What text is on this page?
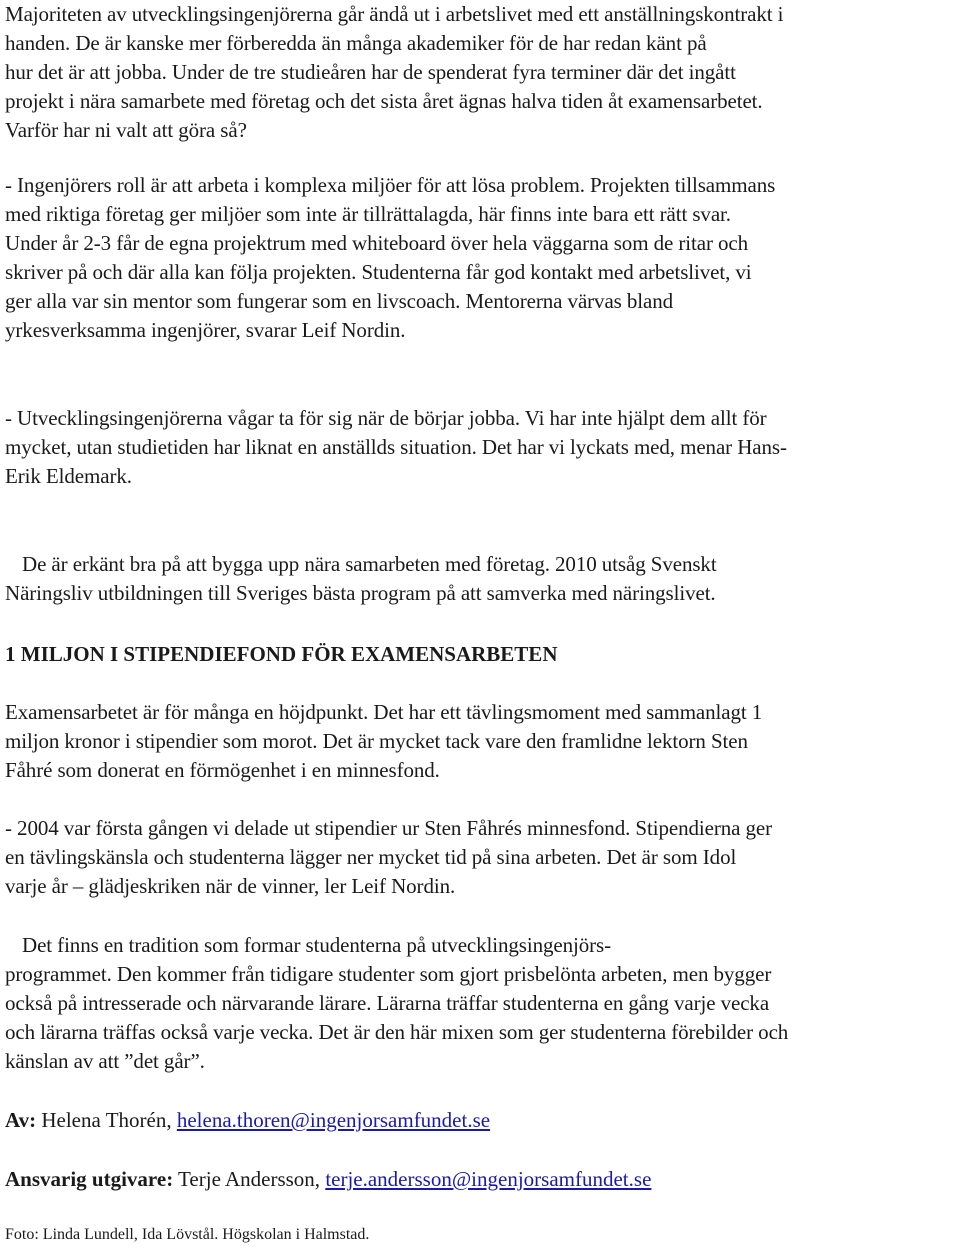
Majoriteten av utvecklingsingenjörerna går ändå ut i arbetslivet med ett anställningskontrakt i
handen. De är kanske mer förberedda än många akademiker för de har redan känt på
hur det är att jobba. Under de tre studieåren har de spenderat fyra terminer där det ingått
projekt i nära samarbete med företag och det sista året ägnas halva tiden åt examensarbetet.
Varför har ni valt att göra så?
- Ingenjörers roll är att arbeta i komplexa miljöer för att lösa problem. Projekten tillsammans
med riktiga företag ger miljöer som inte är tillrättalagda, här finns inte bara ett rätt svar.
Under år 2-3 får de egna projektrum med whiteboard över hela väggarna som de ritar och
skriver på och där alla kan följa projekten. Studenterna får god kontakt med arbetslivet, vi
ger alla var sin mentor som fungerar som en livscoach. Mentorerna värvas bland
yrkesverksamma ingenjörer, svarar Leif Nordin.
- Utvecklingsingenjörerna vågar ta för sig när de börjar jobba. Vi har inte hjälpt dem allt för
mycket, utan studietiden har liknat en anställds situation. Det har vi lyckats med, menar Hans-
Erik Eldemark.
De är erkänt bra på att bygga upp nära samarbeten med företag. 2010 utsåg Svenskt
Näringsliv utbildningen till Sveriges bästa program på att samverka med näringslivet.
1 MILJON I STIPENDIEFOND FÖR EXAMENSARBETEN
Examensarbetet är för många en höjdpunkt. Det har ett tävlingsmoment med sammanlagt 1
miljon kronor i stipendier som morot. Det är mycket tack vare den framlidne lektorn Sten
Fåhré som donerat en förmögenhet i en minnesfond.
- 2004 var första gången vi delade ut stipendier ur Sten Fåhrés minnesfond. Stipendierna ger
en tävlingskänsla och studenterna lägger ner mycket tid på sina arbeten. Det är som Idol
varje år – glädjeskriken när de vinner, ler Leif Nordin.
Det finns en tradition som formar studenterna på utvecklingsingenjörs-
programmet. Den kommer från tidigare studenter som gjort prisbelönta arbeten, men bygger
också på intresserade och närvarande lärare. Lärarna träffar studenterna en gång varje vecka
och lärarna träffas också varje vecka. Det är den här mixen som ger studenterna förebilder och
känslan av att ”det går”.
Av: Helena Thorén, helena.thoren@ingenjorsamfundet.se
Ansvarig utgivare: Terje Andersson, terje.andersson@ingenjorsamfundet.se
Foto: Linda Lundell, Ida Lövstål. Högskolan i Halmstad.
